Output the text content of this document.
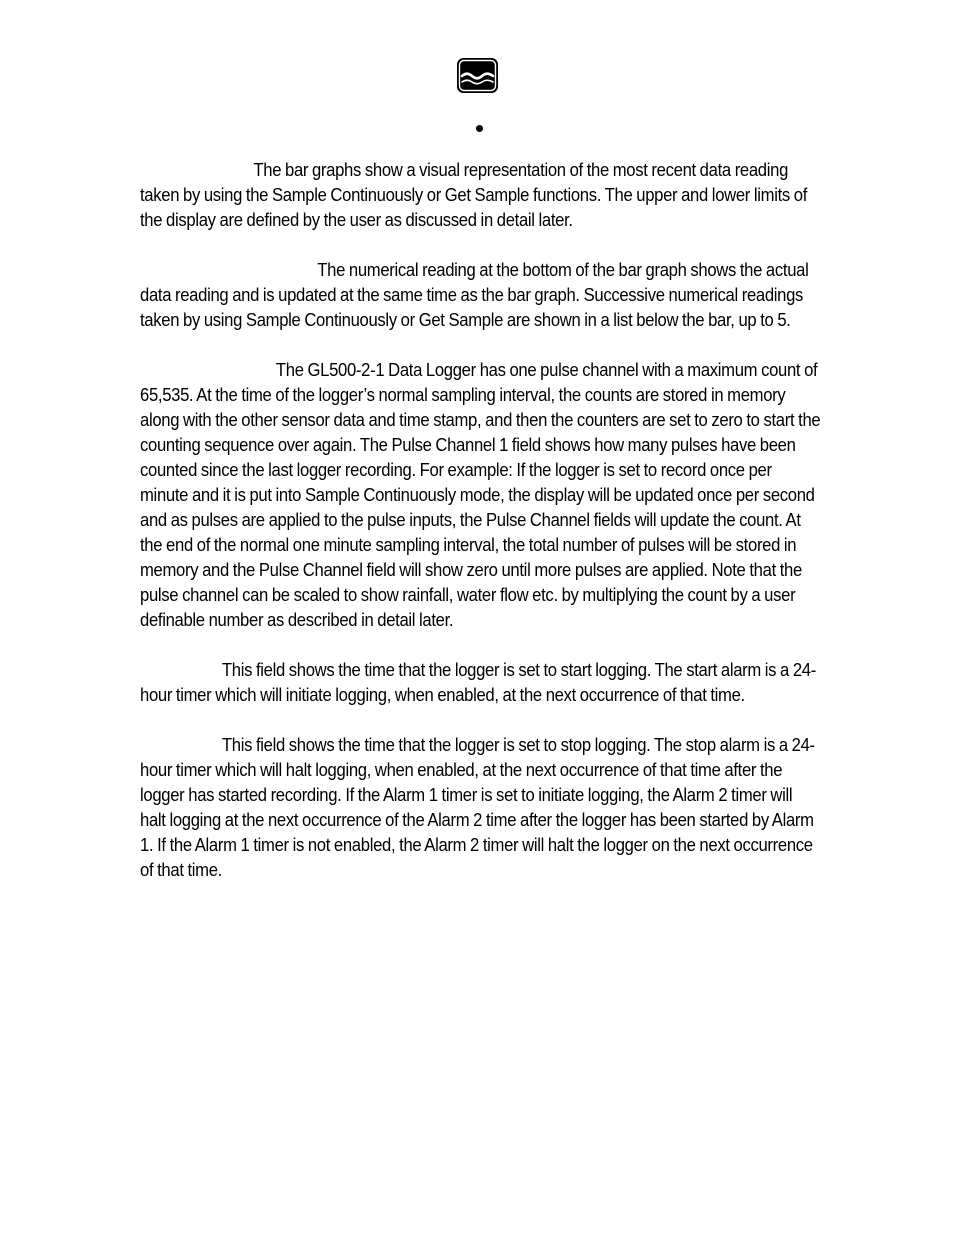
The bar graphs show a visual representation of the most recent data reading taken by using the Sample Continuously or Get Sample functions. The upper and lower limits of the display are defined by the user as discussed in detail later.

The numerical reading at the bottom of the bar graph shows the actual data reading and is updated at the same time as the bar graph. Successive numerical readings taken by using Sample Continuously or Get Sample are shown in a list below the bar, up to 5.

The GL500-2-1 Data Logger has one pulse channel with a maximum count of 65,535. At the time of the logger’s normal sampling interval, the counts are stored in memory along with the other sensor data and time stamp, and then the counters are set to zero to start the counting sequence over again. The Pulse Channel 1 field shows how many pulses have been counted since the last logger recording. For example: If the logger is set to record once per minute and it is put into Sample Continuously mode, the display will be updated once per second and as pulses are applied to the pulse inputs, the Pulse Channel fields will update the count. At the end of the normal one minute sampling interval, the total number of pulses will be stored in memory and the Pulse Channel field will show zero until more pulses are applied. Note that the pulse channel can be scaled to show rainfall, water flow etc. by multiplying the count by a user definable number as described in detail later.

This field shows the time that the logger is set to start logging. The start alarm is a 24-hour timer which will initiate logging, when enabled, at the next occurrence of that time.

This field shows the time that the logger is set to stop logging. The stop alarm is a 24-hour timer which will halt logging, when enabled, at the next occurrence of that time after the logger has started recording. If the Alarm 1 timer is set to initiate logging, the Alarm 2 timer will halt logging at the next occurrence of the Alarm 2 time after the logger has been started by Alarm 1. If the Alarm 1 timer is not enabled, the Alarm 2 timer will halt the logger on the next occurrence of that time.
